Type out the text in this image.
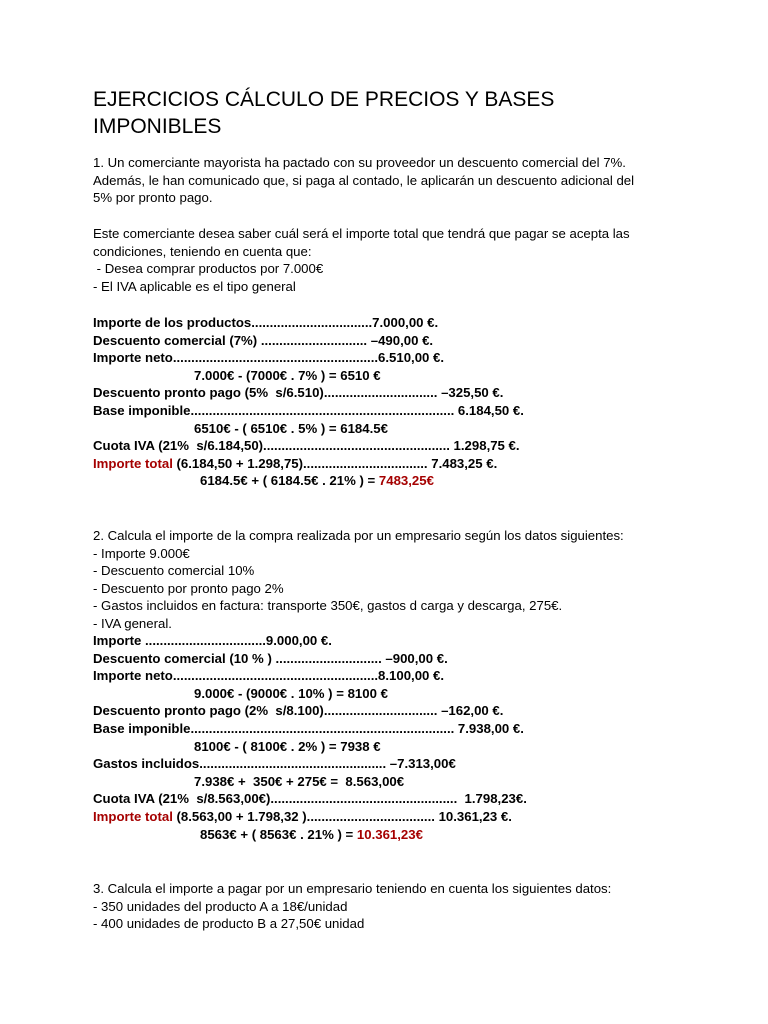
EJERCICIOS CÁLCULO DE PRECIOS Y BASES IMPONIBLES

1. Un comerciante mayorista ha pactado con su proveedor un descuento comercial del 7%.

Además, le han comunicado que, si paga al contado, le aplicarán un descuento adicional del

5% por pronto pago.

Este comerciante desea saber cuál será el importe total que tendrá que pagar se acepta las

condiciones, teniendo en cuenta que:

- Desea comprar productos por 7.000€

- El IVA aplicable es el tipo general

Importe de los productos.................................7.000,00 €.

Descuento comercial (7%) ............................. –490,00 €.

Importe neto........................................................6.510,00 €.

7.000€ - (7000€ . 7% ) = 6510 €

Descuento pronto pago (5%  s/6.510)............................... –325,50 €.

Base imponible........................................................................ 6.184,50 €.

6510€ - ( 6510€ . 5% ) = 6184.5€

Cuota IVA (21%  s/6.184,50)................................................... 1.298,75 €.

Importe total (6.184,50 + 1.298,75).................................. 7.483,25 €.

6184.5€ + ( 6184.5€ . 21% ) = 7483,25€

2. Calcula el importe de la compra realizada por un empresario según los datos siguientes:

- Importe 9.000€

- Descuento comercial 10%

- Descuento por pronto pago 2%

- Gastos incluidos en factura: transporte 350€, gastos d carga y descarga, 275€.

- IVA general.

Importe .................................9.000,00 €.

Descuento comercial (10 % ) ............................. –900,00 €.

Importe neto........................................................8.100,00 €.

9.000€ - (9000€ . 10% ) = 8100 €

Descuento pronto pago (2%  s/8.100)............................... –162,00 €.

Base imponible........................................................................ 7.938,00 €.

8100€ - ( 8100€ . 2% ) = 7938 €

Gastos incluidos................................................... –7.313,00€

7.938€ +  350€ + 275€ =  8.563,00€

Cuota IVA (21%  s/8.563,00€)...................................................  1.798,23€.

Importe total (8.563,00 + 1.798,32 )................................... 10.361,23 €.

8563€ + ( 8563€ . 21% ) = 10.361,23€

3. Calcula el importe a pagar por un empresario teniendo en cuenta los siguientes datos:

- 350 unidades del producto A a 18€/unidad

- 400 unidades de producto B a 27,50€ unidad
